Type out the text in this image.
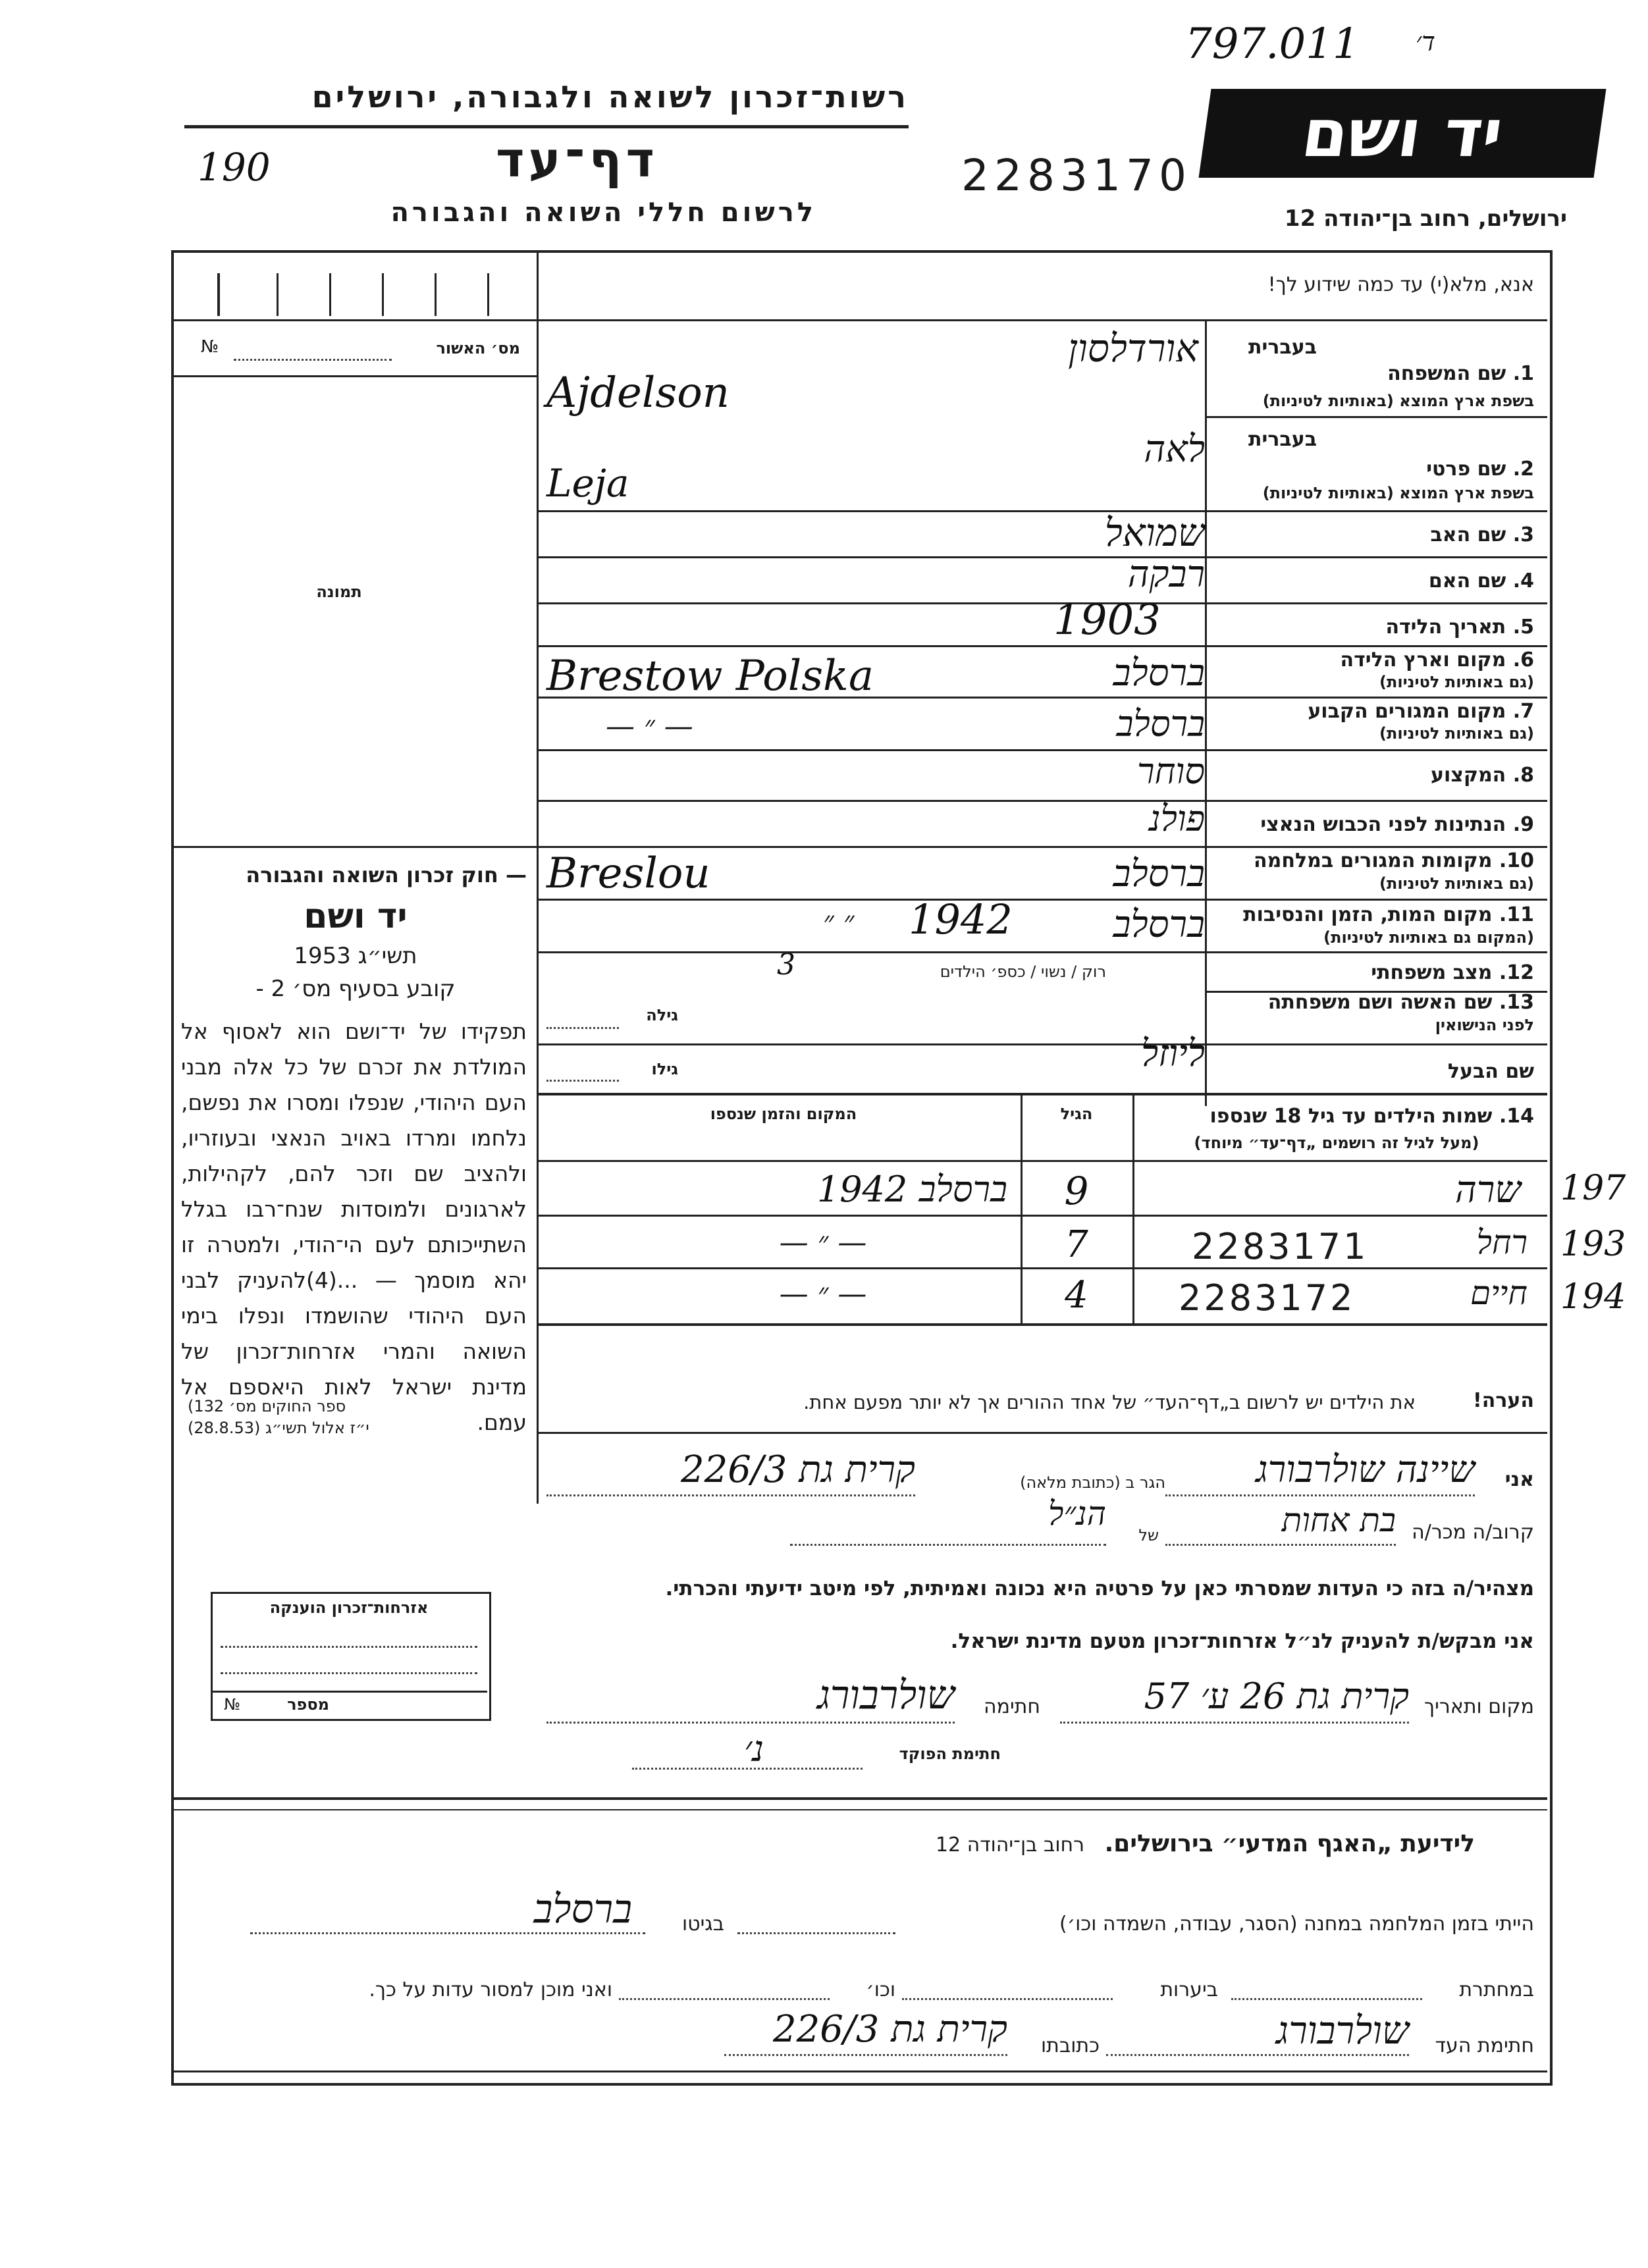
797.011 ד׳
רשות־זכרון לשואה ולגבורה, ירושלים	יד ושם
190	דף־עד
לרשום חללי השואה והגבורה
2283170
ירושלים, רחוב בן־יהודה 12
מס׳ האשור
№
תמונה
— חוק זכרון השואה והגבורה
יד ושם
תשי״ג 1953
קובע בסעיף מס׳ 2 -
תפקידו של יד־ושם הוא לאסוף אל המולדת את זכרם של כל אלה מבני העם היהודי, שנפלו ומסרו את נפשם, נלחמו ומרדו באויב הנאצי ובעוזריו, ולהציב שם וזכר להם, לקהילות, לארגונים ולמוסדות שנח־רבו בגלל השתייכותם לעם הי־הודי, ולמטרה זו יהא מוסמך — ...(4)להעניק לבני העם היהודי שהושמדו ונפלו בימי השואה והמרי אזרחות־זכרון של מדינת ישראל לאות היאספם אל עמם.
(ספר החוקים מס׳ 132
י״ז אלול תשי״ג (28.8.53)
אזרחות־זכרון הוענקה
מספר
№
אנא, מלא(י) עד כמה שידוע לך!
בעברית
1. שם המשפחה
בשפת ארץ המוצא (באותיות לטיניות)
אורדלסון
Ajdelson
בעברית
2. שם פרטי
בשפת ארץ המוצא (באותיות לטיניות)
לאה
Leja
3. שם האב
שמואל
4. שם האם
רבקה
5. תאריך הלידה
1903
6. מקום וארץ הלידה
(גם באותיות לטיניות)
ברסלב
Brestow Polska
7. מקום המגורים הקבוע
(גם באותיות לטיניות)
ברסלב
— ״ —
8. המקצוע
סוחר
9. הנתינות לפני הכבוש הנאצי
פולנ
10. מקומות המגורים במלחמה
(גם באותיות לטיניות)
ברסלב
Breslou
11. מקום המות, הזמן והנסיבות
(המקום גם באותיות לטיניות)
ברסלב
1942
״ ״
12. מצב משפחתי
רוק / נשוי / כספ׳ הילדים
3
13. שם האשה ושם משפחתה
לפני הנישואין
גילה
שם הבעל
ליוזל
גילו
14. שמות הילדים עד גיל 18 שנספו
(מעל לגיל זה רושמים „דף־עד״ מיוחד)
הגיל
המקום והזמן שנספו
שרה
9
ברסלב 1942
רחל
2283171
7
— ״ —
חיים
2283172
4
— ״ —
197
193
194
הערה!
את הילדים יש לרשום ב„דף־העד״ של אחד ההורים אך לא יותר מפעם אחת.
אני
שיינה שולרבורג
הגר ב (כתובת מלאה)
קרית גת 226/3
קרוב/ה מכר/ה
בת אחות
של
הנ״ל
מצהיר/ה בזה כי העדות שמסרתי כאן על פרטיה היא נכונה ואמיתית, לפי מיטב ידיעתי והכרתי.
אני מבקש/ת להעניק לנ״ל אזרחות־זכרון מטעם מדינת ישראל.
מקום ותאריך
קרית גת 26 ע׳ 57
חתימה
שולרבורג
חתימת הפוקד
נ׳
לידיעת „האגף המדעי״ בירושלים. רחוב בן־יהודה 12
הייתי בזמן המלחמה במחנה (הסגר, עבודה, השמדה וכו׳)
בגיטו
ברסלב
במחתרת
ביערות
וכו׳
ואני מוכן למסור עדות על כך.
חתימת העד
שולרבורג
כתובתו
קרית גת 226/3
